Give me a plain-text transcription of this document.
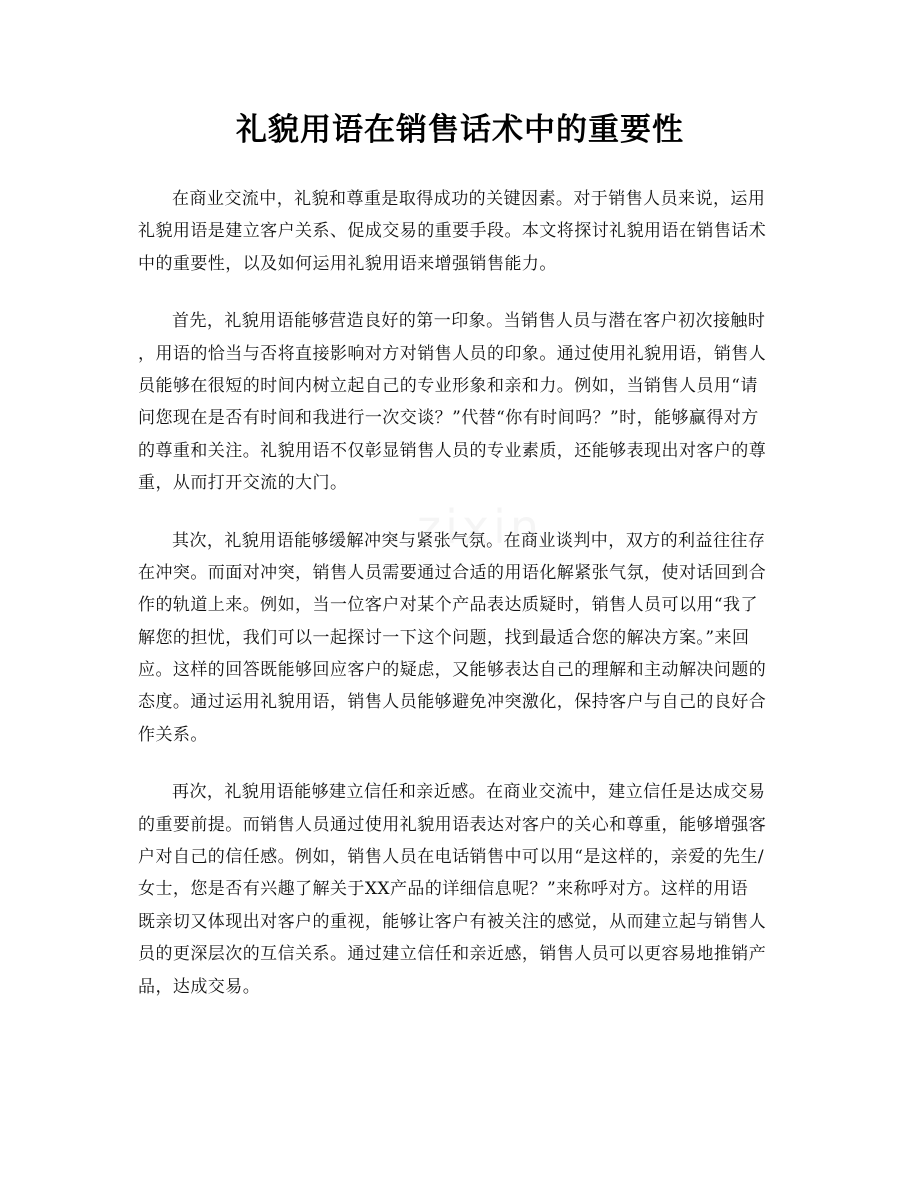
礼貌用语在销售话术中的重要性
在商业交流中，礼貌和尊重是取得成功的关键因素。对于销售人员来说，运用
礼貌用语是建立客户关系、促成交易的重要手段。本文将探讨礼貌用语在销售话术
中的重要性，以及如何运用礼貌用语来增强销售能力。
首先，礼貌用语能够营造良好的第一印象。当销售人员与潜在客户初次接触时
，用语的恰当与否将直接影响对方对销售人员的印象。通过使用礼貌用语，销售人
员能够在很短的时间内树立起自己的专业形象和亲和力。例如，当销售人员用“请
问您现在是否有时间和我进行一次交谈？”代替“你有时间吗？”时，能够赢得对方
的尊重和关注。礼貌用语不仅彰显销售人员的专业素质，还能够表现出对客户的尊
重，从而打开交流的大门。
其次，礼貌用语能够缓解冲突与紧张气氛。在商业谈判中，双方的利益往往存
在冲突。而面对冲突，销售人员需要通过合适的用语化解紧张气氛，使对话回到合
作的轨道上来。例如，当一位客户对某个产品表达质疑时，销售人员可以用“我了
解您的担忧，我们可以一起探讨一下这个问题，找到最适合您的解决方案。”来回
应。这样的回答既能够回应客户的疑虑，又能够表达自己的理解和主动解决问题的
态度。通过运用礼貌用语，销售人员能够避免冲突激化，保持客户与自己的良好合
作关系。
再次，礼貌用语能够建立信任和亲近感。在商业交流中，建立信任是达成交易
的重要前提。而销售人员通过使用礼貌用语表达对客户的关心和尊重，能够增强客
户对自己的信任感。例如，销售人员在电话销售中可以用“是这样的，亲爱的先生/
女士，您是否有兴趣了解关于XX产品的详细信息呢？”来称呼对方。这样的用语
既亲切又体现出对客户的重视，能够让客户有被关注的感觉，从而建立起与销售人
员的更深层次的互信关系。通过建立信任和亲近感，销售人员可以更容易地推销产
品，达成交易。
